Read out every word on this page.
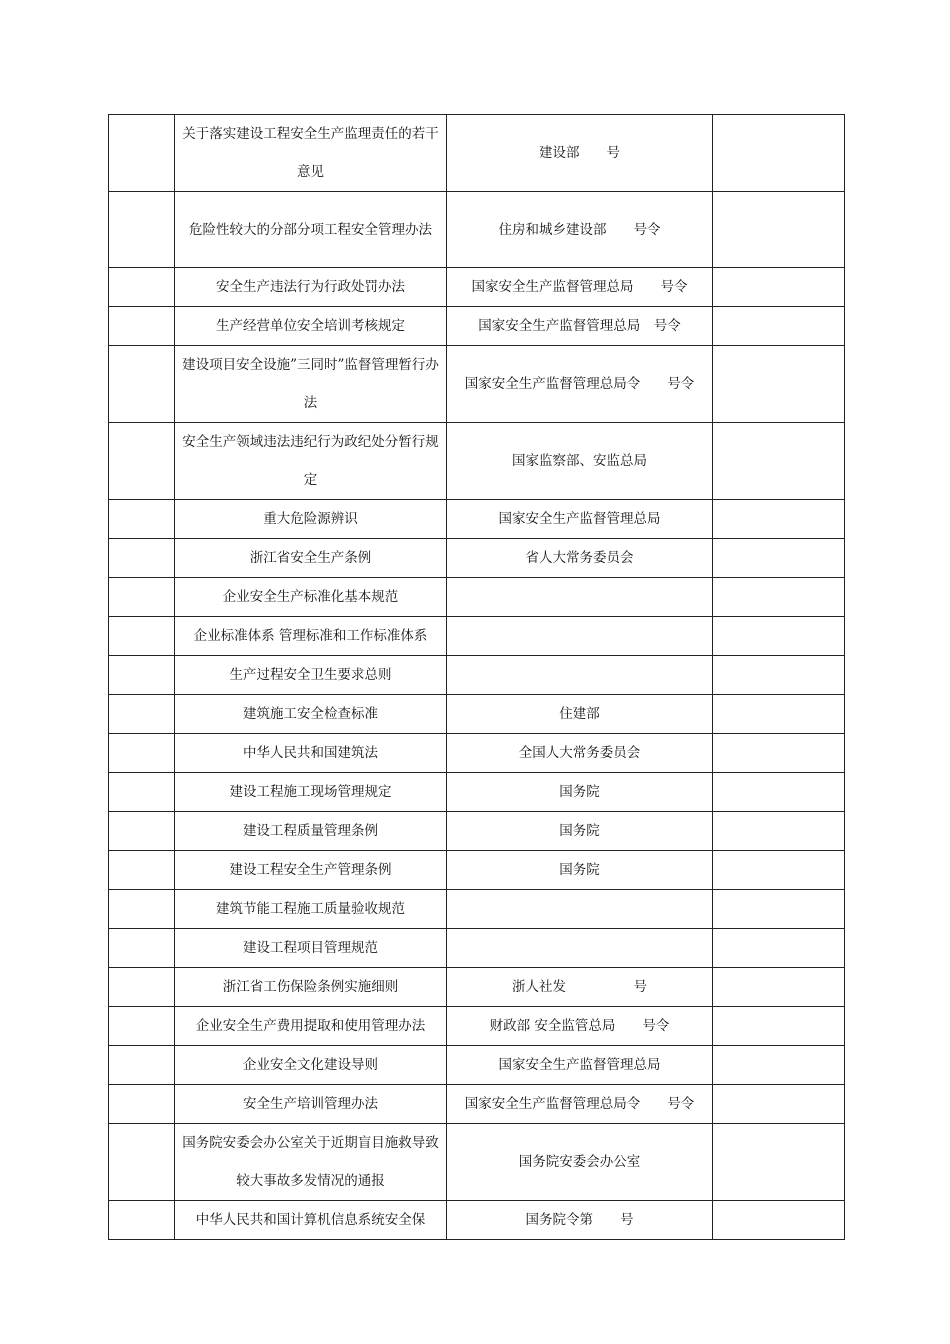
	关于落实建设工程安全生产监理责任的若干意见	建设部　　号	
	危险性较大的分部分项工程安全管理办法	住房和城乡建设部　　号令	
	安全生产违法行为行政处罚办法	国家安全生产监督管理总局　　号令	
	生产经营单位安全培训考核规定	国家安全生产监督管理总局　号令	
	建设项目安全设施”三同时”监督管理暂行办法	国家安全生产监督管理总局令　　号令	
	安全生产领域违法违纪行为政纪处分暂行规定	国家监察部、安监总局	
	重大危险源辨识	国家安全生产监督管理总局	
	浙江省安全生产条例	省人大常务委员会	
	企业安全生产标准化基本规范		
	企业标准体系 管理标准和工作标准体系		
	生产过程安全卫生要求总则		
	建筑施工安全检查标准	住建部	
	中华人民共和国建筑法	全国人大常务委员会	
	建设工程施工现场管理规定	国务院	
	建设工程质量管理条例	国务院	
	建设工程安全生产管理条例	国务院	
	建筑节能工程施工质量验收规范		
	建设工程项目管理规范		
	浙江省工伤保险条例实施细则	浙人社发　　　　　号	
	企业安全生产费用提取和使用管理办法	财政部 安全监管总局　　号令	
	企业安全文化建设导则	国家安全生产监督管理总局	
	安全生产培训管理办法	国家安全生产监督管理总局令　　号令	
	国务院安委会办公室关于近期盲目施救导致较大事故多发情况的通报	国务院安委会办公室	
	中华人民共和国计算机信息系统安全保	国务院令第　　号	
